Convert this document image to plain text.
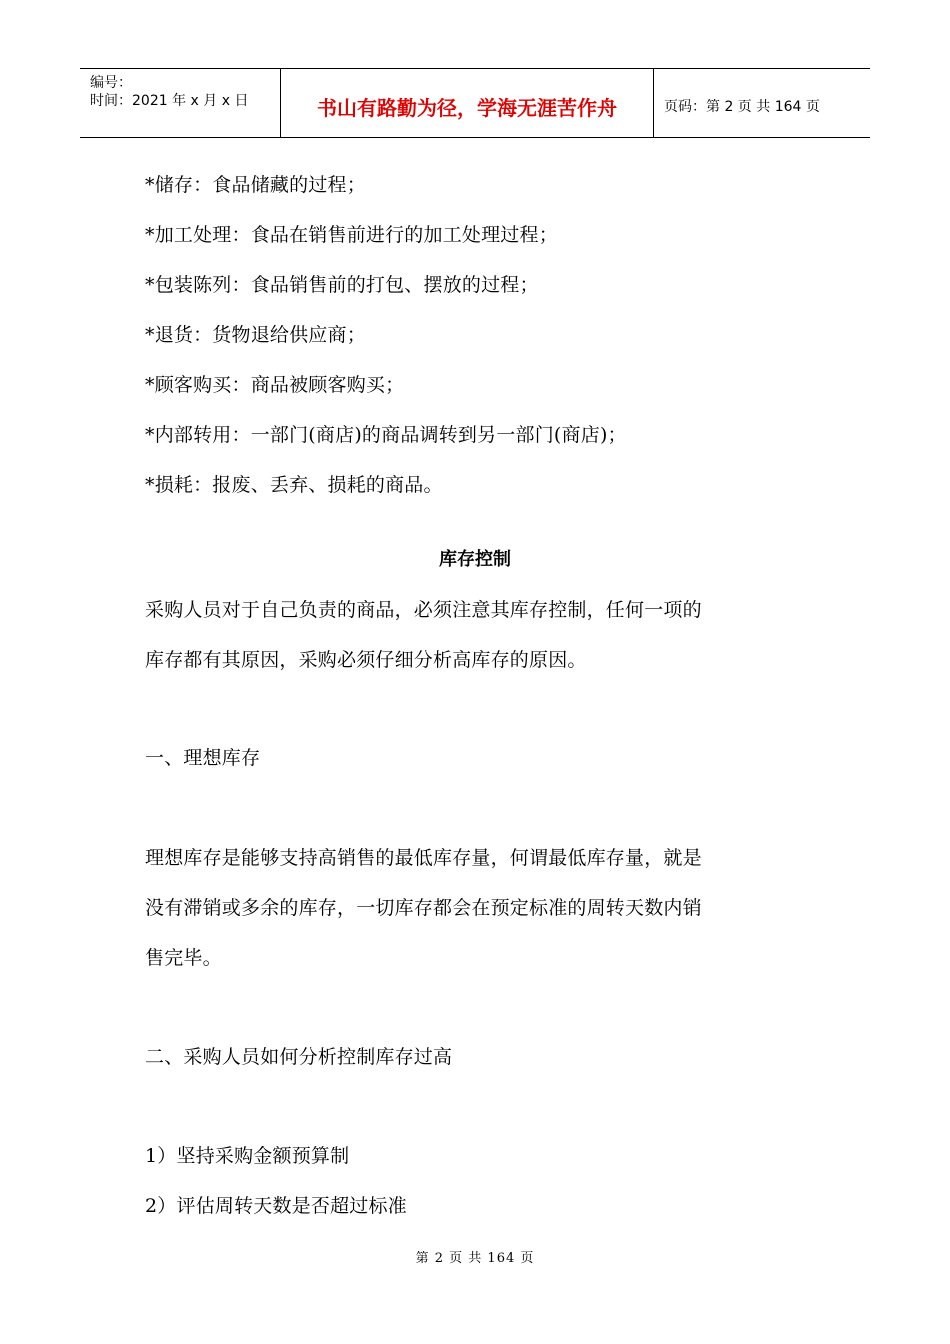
编号：
时间：2021 年 x 月 x 日	书山有路勤为径，学海无涯苦作舟	页码：第 2 页 共 164 页
*储存：食品储藏的过程；
*加工处理：食品在销售前进行的加工处理过程；
*包装陈列：食品销售前的打包、摆放的过程；
*退货：货物退给供应商；
*顾客购买：商品被顾客购买；
*内部转用：一部门(商店)的商品调转到另一部门(商店)；
*损耗：报废、丢弃、损耗的商品。
库存控制
采购人员对于自己负责的商品，必须注意其库存控制，任何一项的
库存都有其原因，采购必须仔细分析高库存的原因。
一、理想库存
理想库存是能够支持高销售的最低库存量，何谓最低库存量，就是
没有滞销或多余的库存，一切库存都会在预定标准的周转天数内销
售完毕。
二、采购人员如何分析控制库存过高
1）坚持采购金额预算制
2）评估周转天数是否超过标准
第 2 页 共 164 页
